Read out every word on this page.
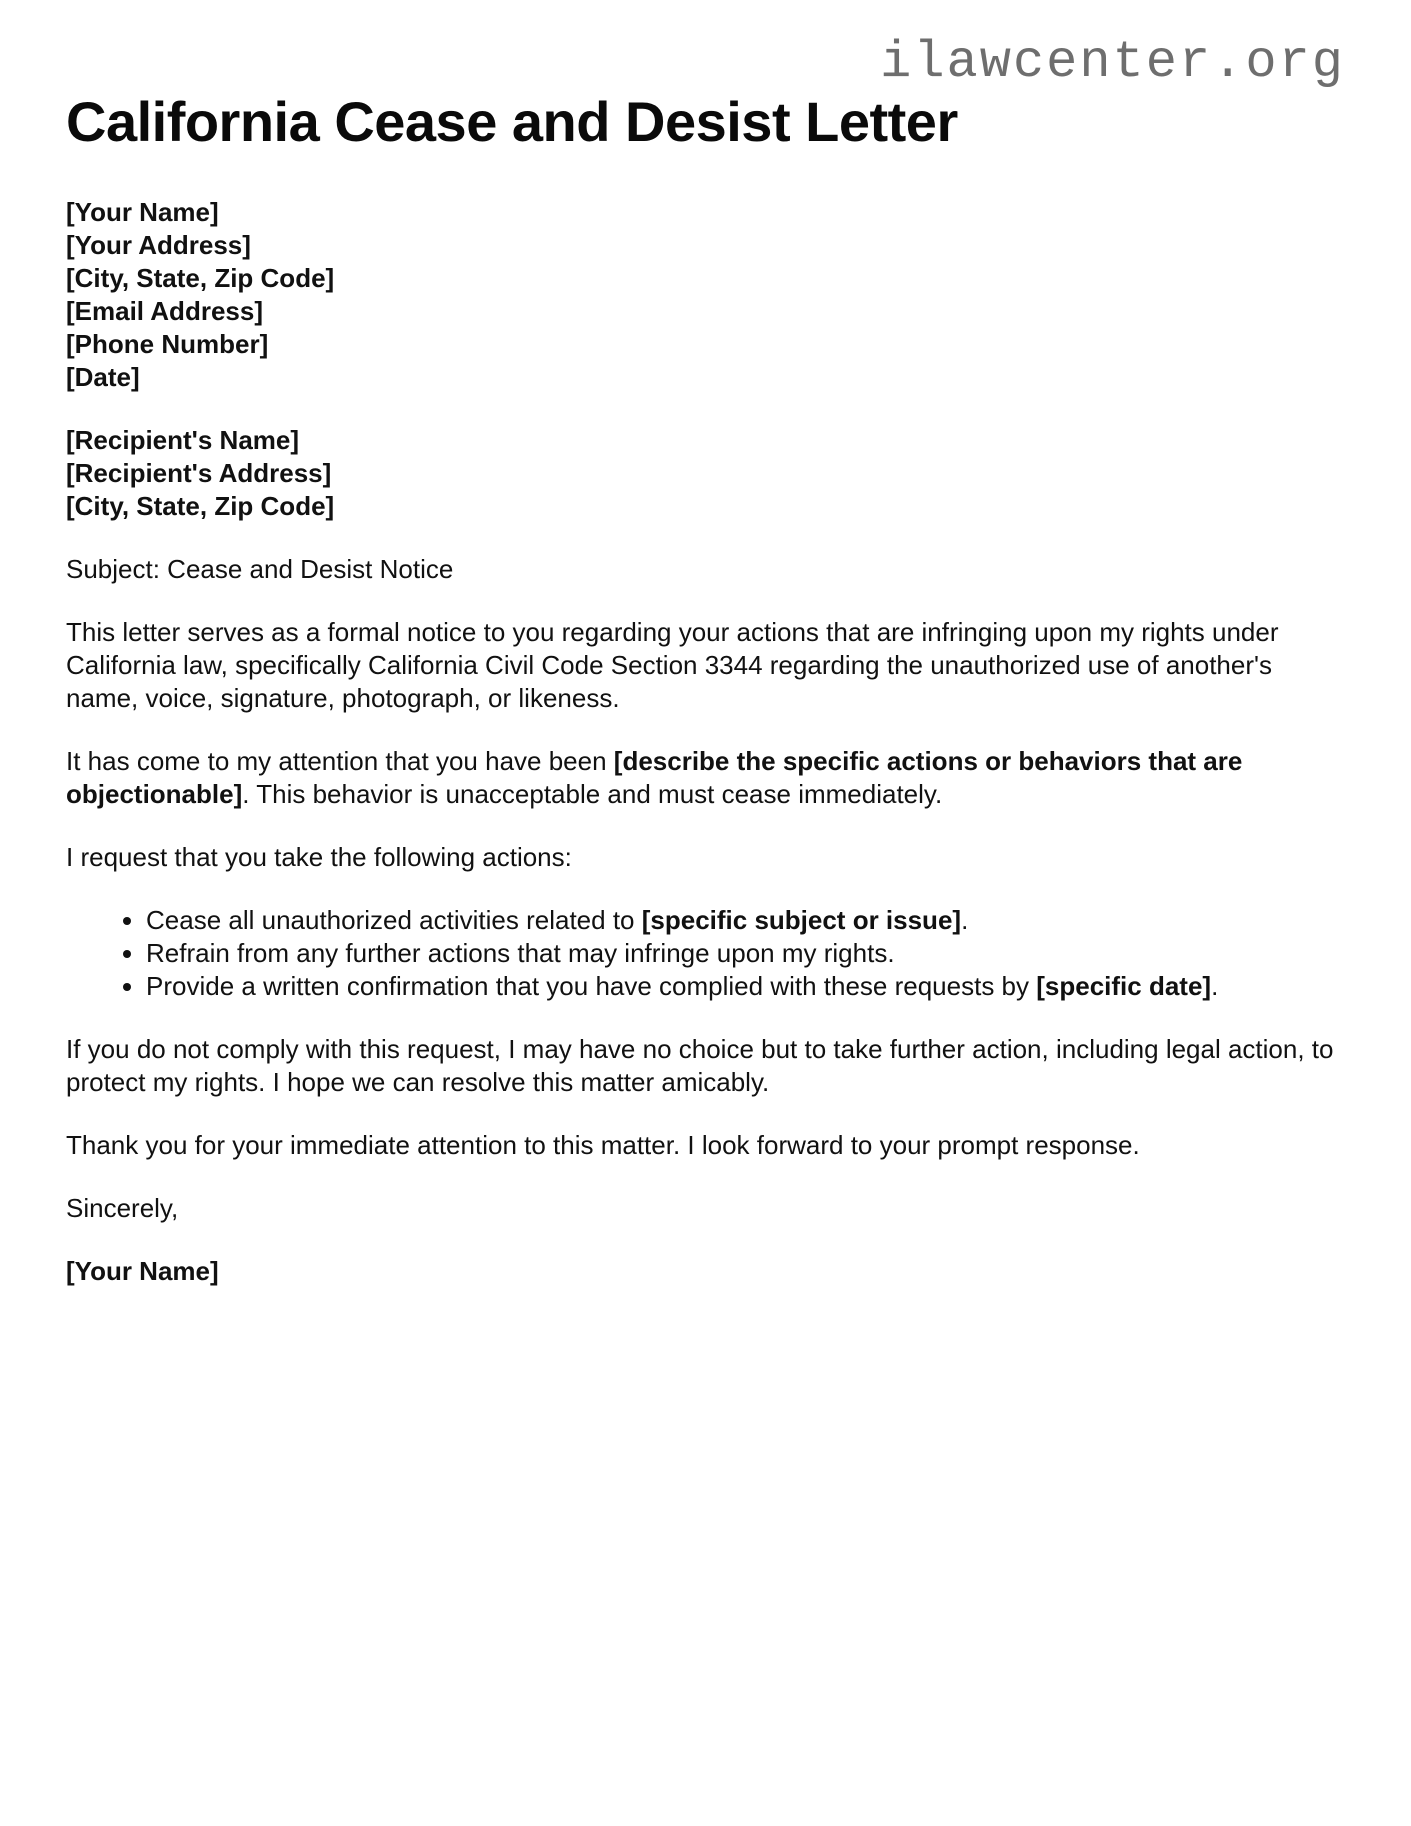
ilawcenter.org
California Cease and Desist Letter
[Your Name]
[Your Address]
[City, State, Zip Code]
[Email Address]
[Phone Number]
[Date]
[Recipient's Name]
[Recipient's Address]
[City, State, Zip Code]

Subject: Cease and Desist Notice

This letter serves as a formal notice to you regarding your actions that are infringing upon my rights under California law, specifically California Civil Code Section 3344 regarding the unauthorized use of another's name, voice, signature, photograph, or likeness.

It has come to my attention that you have been [describe the specific actions or behaviors that are objectionable]. This behavior is unacceptable and must cease immediately.

I request that you take the following actions:

• Cease all unauthorized activities related to [specific subject or issue].
• Refrain from any further actions that may infringe upon my rights.
• Provide a written confirmation that you have complied with these requests by [specific date].

If you do not comply with this request, I may have no choice but to take further action, including legal action, to protect my rights. I hope we can resolve this matter amicably.

Thank you for your immediate attention to this matter. I look forward to your prompt response.

Sincerely,

[Your Name]
